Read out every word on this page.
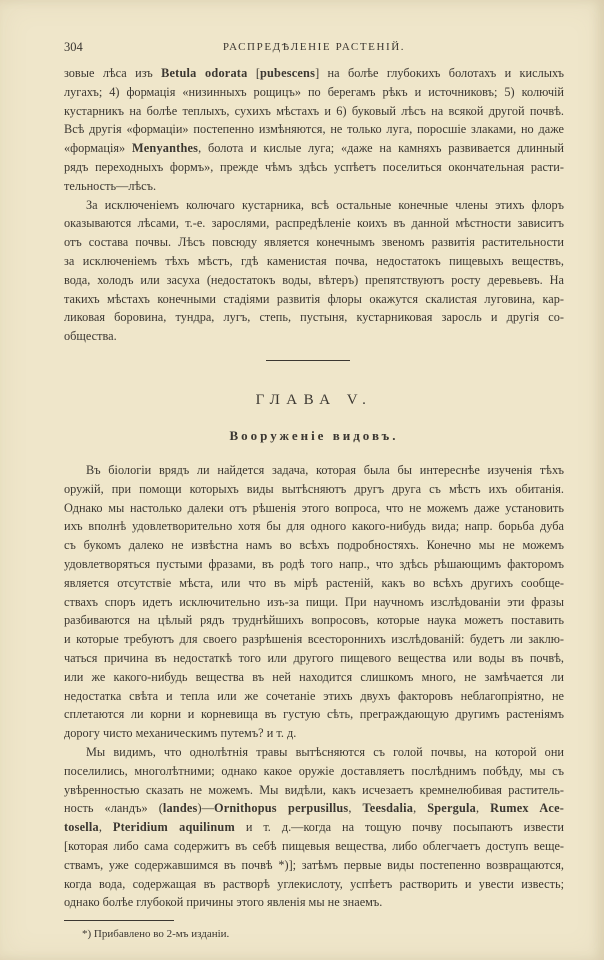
304	РАСПРЕДѢЛЕНІЕ РАСТЕНІЙ.
зовые лѣса изъ Betula odorata [pubescens] на болѣе глубокихъ болотахъ и кислыхъ
лугахъ; 4) формація «низинныхъ рощицъ» по берегамъ рѣкъ и источниковъ; 5) колючій
кустарникъ на болѣе теплыхъ, сухихъ мѣстахъ и 6) буковый лѣсъ на всякой другой почвѣ.
Всѣ другія «формаціи» постепенно измѣняются, не только луга, поросшіе злаками, но даже
«формація» Menyanthes, болота и кислые луга; «даже на камняхъ развивается длинный
рядъ переходныхъ формъ», прежде чѣмъ здѣсь успѣетъ поселиться окончательная расти-
тельность—лѣсъ.
За исключеніемъ колючаго кустарника, всѣ остальные конечные члены этихъ флоръ
оказываются лѣсами, т.-е. зарослями, распредѣленіе коихъ въ данной мѣстности зависитъ
отъ состава почвы. Лѣсъ повсюду является конечнымъ звеномъ развитія растительности
за исключеніемъ тѣхъ мѣстъ, гдѣ каменистая почва, недостатокъ пищевыхъ веществъ,
вода, холодъ или засуха (недостатокъ воды, вѣтеръ) препятствуютъ росту деревьевъ. На
такихъ мѣстахъ конечными стадіями развитія флоры окажутся скалистая луговина, кар-
ликовая боровина, тундра, лугъ, степь, пустыня, кустарниковая заросль и другія со-
общества.
ГЛАВА V.
Вооруженіе видовъ.
Въ біологіи врядъ ли найдется задача, которая была бы интереснѣе изученія тѣхъ
оружій, при помощи которыхъ виды вытѣсняютъ другъ друга съ мѣстъ ихъ обитанія.
Однако мы настолько далеки отъ рѣшенія этого вопроса, что не можемъ даже установить
ихъ вполнѣ удовлетворительно хотя бы для одного какого-нибудь вида; напр. борьба дуба
съ букомъ далеко не извѣстна намъ во всѣхъ подробностяхъ. Конечно мы не можемъ
удовлетворяться пустыми фразами, въ родѣ того напр., что здѣсь рѣшающимъ факторомъ
является отсутствіе мѣста, или что въ мірѣ растеній, какъ во всѣхъ другихъ сообще-
ствахъ споръ идетъ исключительно изъ-за пищи. При научномъ изслѣдованіи эти фразы
разбиваются на цѣлый рядъ труднѣйшихъ вопросовъ, которые наука можетъ поставить
и которые требуютъ для своего разрѣшенія всестороннихъ изслѣдованій: будетъ ли заклю-
чаться причина въ недостаткѣ того или другого пищевого вещества или воды въ почвѣ,
или же какого-нибудь вещества въ ней находится слишкомъ много, не замѣчается ли
недостатка свѣта и тепла или же сочетаніе этихъ двухъ факторовъ неблагопріятно, не
сплетаются ли корни и корневища въ густую сѣть, преграждающую другимъ растеніямъ
дорогу чисто механическимъ путемъ? и т. д.
Мы видимъ, что однолѣтнія травы вытѣсняются съ голой почвы, на которой они
поселились, многолѣтними; однако какое оружіе доставляетъ послѣднимъ побѣду, мы съ
увѣренностью сказать не можемъ. Мы видѣли, какъ исчезаетъ кремнелюбивая раститель-
ность «ландъ» (landes)—Ornithopus perpusillus, Teesdalia, Spergula, Rumex Ace-
tosella, Pteridium aquilinum и т. д.—когда на тощую почву посыпаютъ извести
[которая либо сама содержитъ въ себѣ пищевыя вещества, либо облегчаетъ доступъ веще-
ствамъ, уже содержавшимся въ почвѣ *)]; затѣмъ первые виды постепенно возвращаются,
когда вода, содержащая въ растворѣ углекислоту, успѣетъ растворить и увести известь;
однако болѣе глубокой причины этого явленія мы не знаемъ.
*) Прибавлено во 2-мъ изданіи.
